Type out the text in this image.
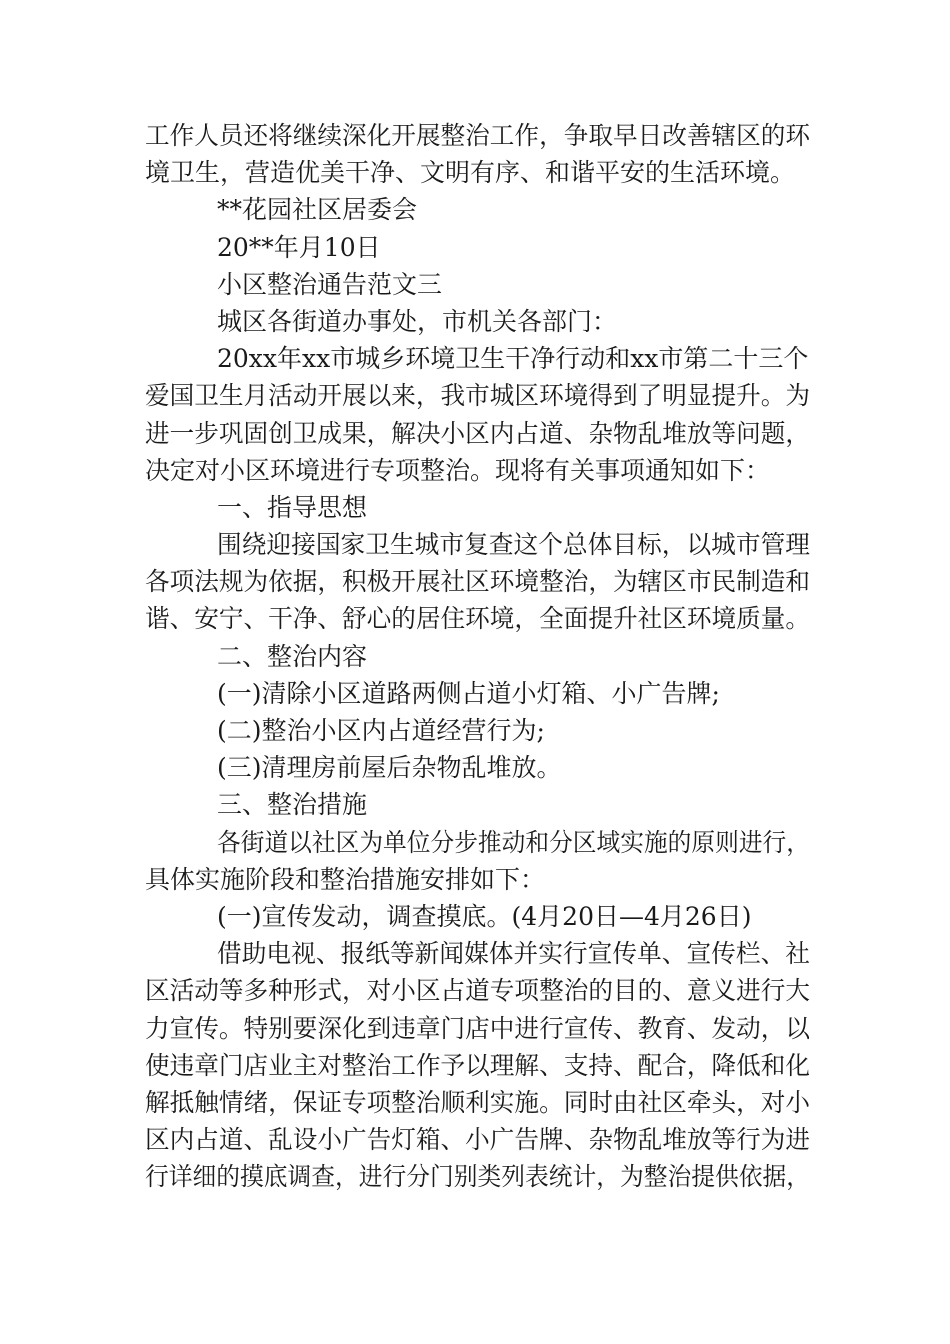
工作人员还将继续深化开展整治工作，争取早日改善辖区的环
境卫生，营造优美干净、文明有序、和谐平安的生活环境。
**花园社区居委会
20**年月10日
小区整治通告范文三
城区各街道办事处，市机关各部门：
20xx年xx市城乡环境卫生干净行动和xx市第二十三个
爱国卫生月活动开展以来，我市城区环境得到了明显提升。为
进一步巩固创卫成果，解决小区内占道、杂物乱堆放等问题，
决定对小区环境进行专项整治。现将有关事项通知如下：
一、指导思想
围绕迎接国家卫生城市复查这个总体目标，以城市管理
各项法规为依据，积极开展社区环境整治，为辖区市民制造和
谐、安宁、干净、舒心的居住环境，全面提升社区环境质量。
二、整治内容
(一)清除小区道路两侧占道小灯箱、小广告牌;
(二)整治小区内占道经营行为;
(三)清理房前屋后杂物乱堆放。
三、整治措施
各街道以社区为单位分步推动和分区域实施的原则进行，
具体实施阶段和整治措施安排如下：
(一)宣传发动，调查摸底。(4月20日—4月26日)
借助电视、报纸等新闻媒体并实行宣传单、宣传栏、社
区活动等多种形式，对小区占道专项整治的目的、意义进行大
力宣传。特别要深化到违章门店中进行宣传、教育、发动，以
使违章门店业主对整治工作予以理解、支持、配合，降低和化
解抵触情绪，保证专项整治顺利实施。同时由社区牵头，对小
区内占道、乱设小广告灯箱、小广告牌、杂物乱堆放等行为进
行详细的摸底调查，进行分门别类列表统计，为整治提供依据，
